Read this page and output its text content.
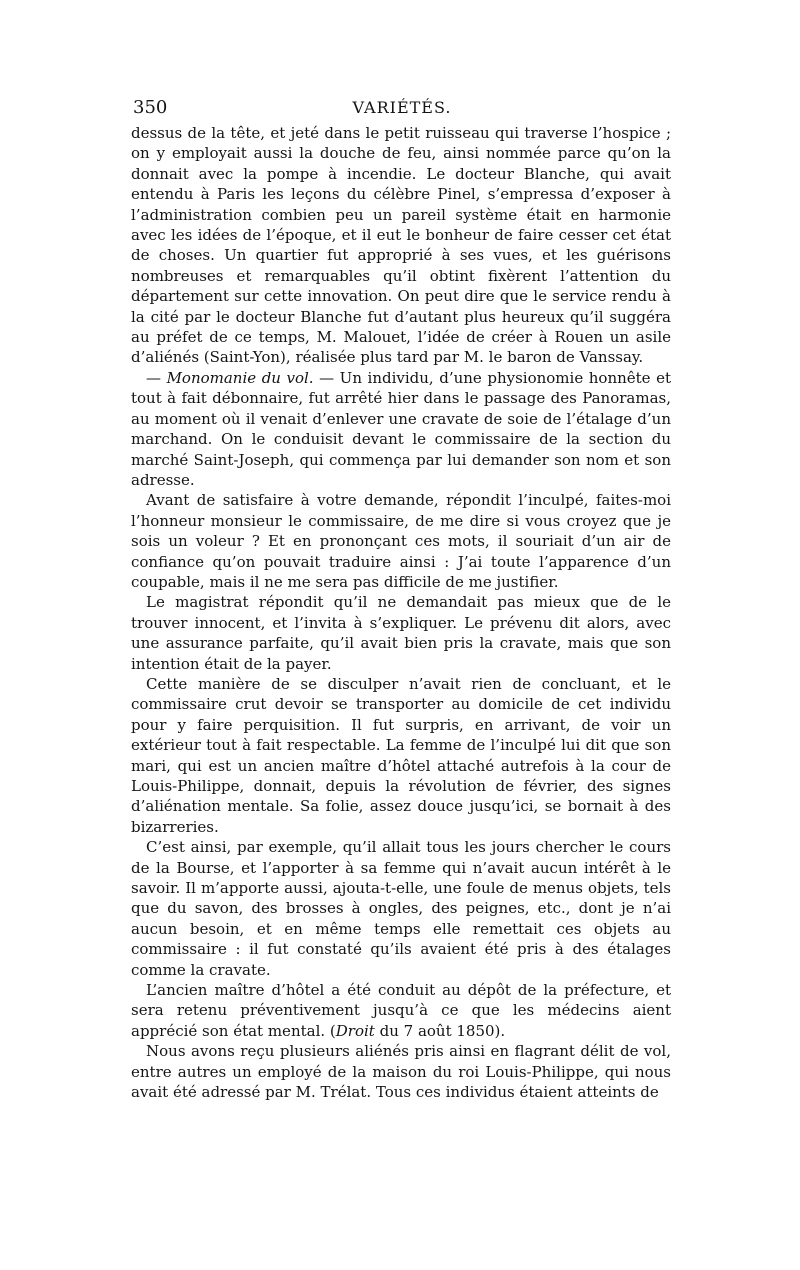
350	VARIÉTÉS.

dessus de la tête, et jeté dans le petit ruisseau qui traverse l’hospice ; on y employait aussi la douche de feu, ainsi nommée parce qu’on la donnait avec la pompe à incendie. Le docteur Blanche, qui avait entendu à Paris les leçons du célèbre Pinel, s’empressa d’exposer à l’administration combien peu un pareil système était en harmonie avec les idées de l’époque, et il eut le bonheur de faire cesser cet état de choses. Un quartier fut approprié à ses vues, et les guérisons nombreuses et remarquables qu’il obtint fixèrent l’attention du département sur cette innovation. On peut dire que le service rendu à la cité par le docteur Blanche fut d’autant plus heureux qu’il suggéra au préfet de ce temps, M. Malouet, l’idée de créer à Rouen un asile d’aliénés (Saint-Yon), réalisée plus tard par M. le baron de Vanssay.

— Monomanie du vol. — Un individu, d’une physionomie honnête et tout à fait débonnaire, fut arrêté hier dans le passage des Panoramas, au moment où il venait d’enlever une cravate de soie de l’étalage d’un marchand. On le conduisit devant le commissaire de la section du marché Saint-Joseph, qui commença par lui demander son nom et son adresse.

Avant de satisfaire à votre demande, répondit l’inculpé, faites-moi l’honneur monsieur le commissaire, de me dire si vous croyez que je sois un voleur ? Et en prononçant ces mots, il souriait d’un air de confiance qu’on pouvait traduire ainsi : J’ai toute l’apparence d’un coupable, mais il ne me sera pas difficile de me justifier.

Le magistrat répondit qu’il ne demandait pas mieux que de le trouver innocent, et l’invita à s’expliquer. Le prévenu dit alors, avec une assurance parfaite, qu’il avait bien pris la cravate, mais que son intention était de la payer.

Cette manière de se disculper n’avait rien de concluant, et le commissaire crut devoir se transporter au domicile de cet individu pour y faire perquisition. Il fut surpris, en arrivant, de voir un extérieur tout à fait respectable. La femme de l’inculpé lui dit que son mari, qui est un ancien maître d’hôtel attaché autrefois à la cour de Louis-Philippe, donnait, depuis la révolution de février, des signes d’aliénation mentale. Sa folie, assez douce jusqu’ici, se bornait à des bizarreries.

C’est ainsi, par exemple, qu’il allait tous les jours chercher le cours de la Bourse, et l’apporter à sa femme qui n’avait aucun intérêt à le savoir. Il m’apporte aussi, ajouta-t-elle, une foule de menus objets, tels que du savon, des brosses à ongles, des peignes, etc., dont je n’ai aucun besoin, et en même temps elle remettait ces objets au commissaire : il fut constaté qu’ils avaient été pris à des étalages comme la cravate.

L’ancien maître d’hôtel a été conduit au dépôt de la préfecture, et sera retenu préventivement jusqu’à ce que les médecins aient apprécié son état mental. (Droit du 7 août 1850).

Nous avons reçu plusieurs aliénés pris ainsi en flagrant délit de vol, entre autres un employé de la maison du roi Louis-Philippe, qui nous avait été adressé par M. Trélat. Tous ces individus étaient atteints de
